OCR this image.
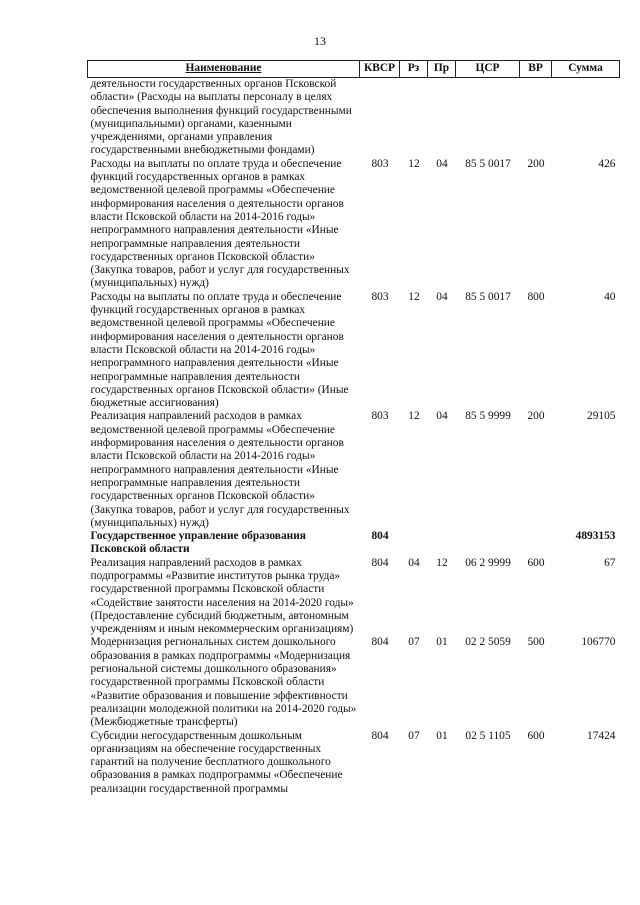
13
Наименование	КВСР	Рз	Пр	ЦСР	ВР	Сумма
деятельности государственных органов Псковской области» (Расходы на выплаты персоналу в целях обеспечения выполнения функций государственными (муниципальными) органами, казенными учреждениями, органами управления государственными внебюджетными фондами)						
Расходы на выплаты по оплате труда и обеспечение функций государственных органов в рамках ведомственной целевой программы «Обеспечение информирования населения о деятельности органов власти Псковской области на 2014-2016 годы» непрограммного направления деятельности «Иные непрограммные направления деятельности государственных органов Псковской области» (Закупка товаров, работ и услуг для государственных (муниципальных) нужд)	803	12	04	85 5 0017	200	426
Расходы на выплаты по оплате труда и обеспечение функций государственных органов в рамках ведомственной целевой программы «Обеспечение информирования населения о деятельности органов власти Псковской области на 2014-2016 годы» непрограммного направления деятельности «Иные непрограммные направления деятельности государственных органов Псковской области» (Иные бюджетные ассигнования)	803	12	04	85 5 0017	800	40
Реализация направлений расходов в рамках ведомственной целевой программы «Обеспечение информирования населения о деятельности органов власти Псковской области на 2014-2016 годы» непрограммного направления деятельности «Иные непрограммные направления деятельности государственных органов Псковской области» (Закупка товаров, работ и услуг для государственных (муниципальных) нужд)	803	12	04	85 5 9999	200	29105
Государственное управление образования Псковской области	804					4893153
Реализация направлений расходов в рамках подпрограммы «Развитие институтов рынка труда» государственной программы Псковской области «Содействие занятости населения на 2014-2020 годы» (Предоставление субсидий бюджетным, автономным учреждениям и иным некоммерческим организациям)	804	04	12	06 2 9999	600	67
Модернизация региональных систем дошкольного образования в рамках подпрограммы «Модернизация региональной системы дошкольного образования» государственной программы Псковской области «Развитие образования и повышение эффективности реализации молодежной политики на 2014-2020 годы» (Межбюджетные трансферты)	804	07	01	02 2 5059	500	106770
Субсидии негосударственным дошкольным организациям на обеспечение государственных гарантий на получение бесплатного дошкольного образования в рамках подпрограммы «Обеспечение реализации государственной программы	804	07	01	02 5 1105	600	17424
